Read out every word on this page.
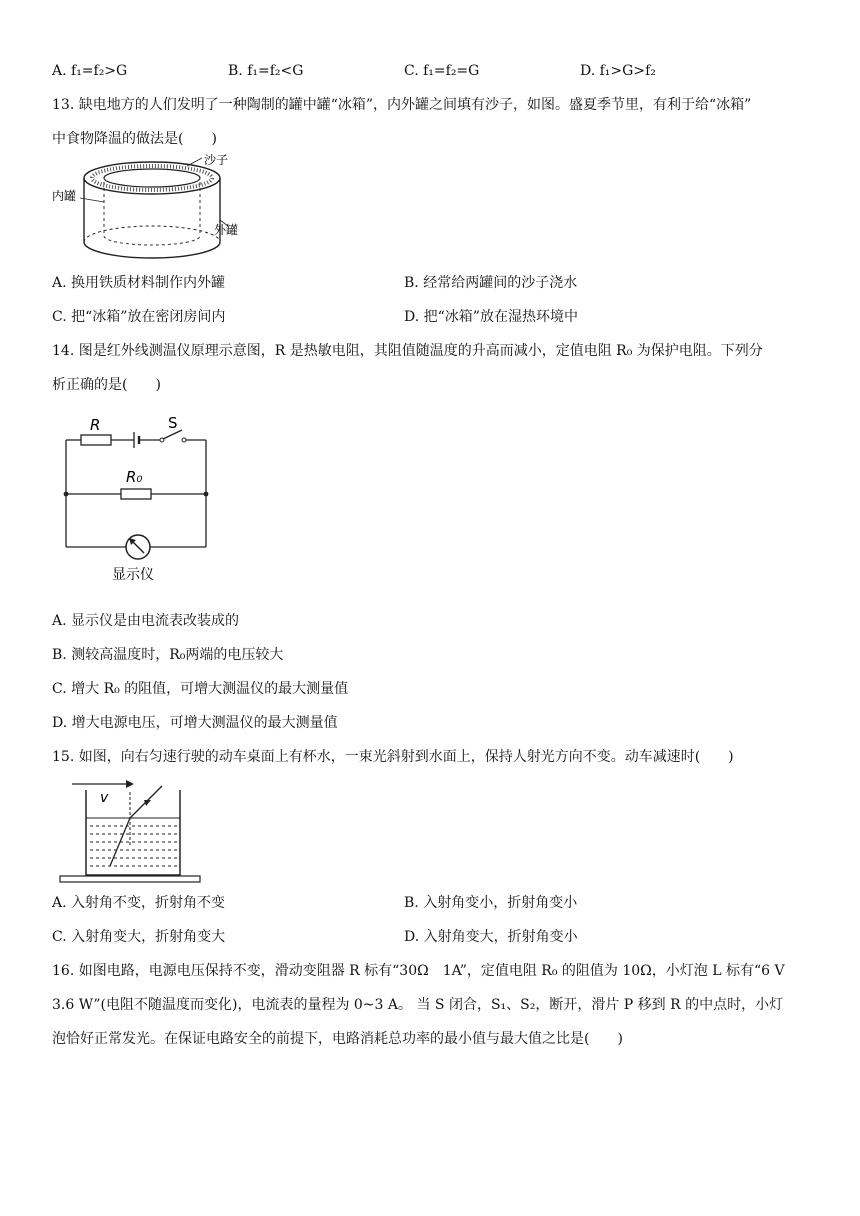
A. f₁=f₂>G	B. f₁=f₂<G	C. f₁=f₂=G	D. f₁>G>f₂
13. 缺电地方的人们发明了一种陶制的罐中罐“冰箱”，内外罐之间填有沙子，如图。盛夏季节里，有利于给“冰箱”
中食物降温的做法是(　　)
沙子
内罐
外罐
A. 换用铁质材料制作内外罐	B. 经常给两罐间的沙子浇水
C. 把“冰箱”放在密闭房间内	D. 把“冰箱”放在湿热环境中
14. 图是红外线测温仪原理示意图，R 是热敏电阻，其阻值随温度的升高而减小，定值电阻 R₀ 为保护电阻。下列分
析正确的是(　　)
R	S
R₀
显示仪
A. 显示仪是由电流表改装成的
B. 测较高温度时，R₀两端的电压较大
C. 增大 R₀ 的阻值，可增大测温仪的最大测量值
D. 增大电源电压，可增大测温仪的最大测量值
15. 如图，向右匀速行驶的动车桌面上有杯水，一束光斜射到水面上，保持人射光方向不变。动车减速时(　　)
v
A. 入射角不变，折射角不变	B. 入射角变小，折射角变小
C. 入射角变大，折射角变大	D. 入射角变大，折射角变小
16. 如图电路，电源电压保持不变，滑动变阻器 R 标有“30Ω　1A”，定值电阻 R₀ 的阻值为 10Ω，小灯泡 L 标有“6 V
3.6 W”(电阻不随温度而变化)，电流表的量程为 0~3 A。 当 S 闭合，S₁、S₂，断开，滑片 P 移到 R 的中点时，小灯
泡恰好正常发光。在保证电路安全的前提下，电路消耗总功率的最小值与最大值之比是(　　)
